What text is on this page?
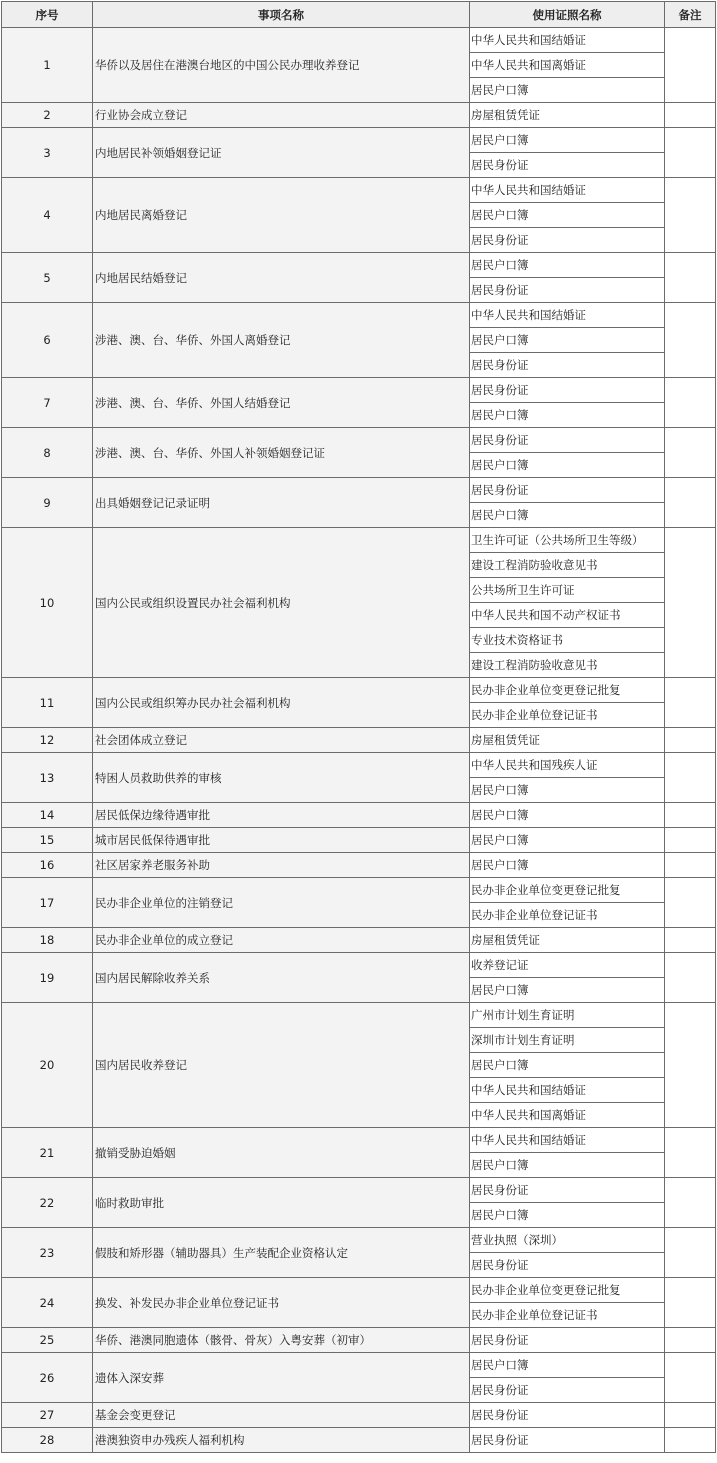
序号	事项名称	使用证照名称	备注
1	华侨以及居住在港澳台地区的中国公民办理收养登记	中华人民共和国结婚证	
		中华人民共和国离婚证	
		居民户口簿	
2	行业协会成立登记	房屋租赁凭证	
3	内地居民补领婚姻登记证	居民户口簿	
		居民身份证	
4	内地居民离婚登记	中华人民共和国结婚证	
		居民户口簿	
		居民身份证	
5	内地居民结婚登记	居民户口簿	
		居民身份证	
6	涉港、澳、台、华侨、外国人离婚登记	中华人民共和国结婚证	
		居民户口簿	
		居民身份证	
7	涉港、澳、台、华侨、外国人结婚登记	居民身份证	
		居民户口簿	
8	涉港、澳、台、华侨、外国人补领婚姻登记证	居民身份证	
		居民户口簿	
9	出具婚姻登记记录证明	居民身份证	
		居民户口簿	
10	国内公民或组织设置民办社会福利机构	卫生许可证（公共场所卫生等级）	
		建设工程消防验收意见书	
		公共场所卫生许可证	
		中华人民共和国不动产权证书	
		专业技术资格证书	
		建设工程消防验收意见书	
11	国内公民或组织筹办民办社会福利机构	民办非企业单位变更登记批复	
		民办非企业单位登记证书	
12	社会团体成立登记	房屋租赁凭证	
13	特困人员救助供养的审核	中华人民共和国残疾人证	
		居民户口簿	
14	居民低保边缘待遇审批	居民户口簿	
15	城市居民低保待遇审批	居民户口簿	
16	社区居家养老服务补助	居民户口簿	
17	民办非企业单位的注销登记	民办非企业单位变更登记批复	
		民办非企业单位登记证书	
18	民办非企业单位的成立登记	房屋租赁凭证	
19	国内居民解除收养关系	收养登记证	
		居民户口簿	
20	国内居民收养登记	广州市计划生育证明	
		深圳市计划生育证明	
		居民户口簿	
		中华人民共和国结婚证	
		中华人民共和国离婚证	
21	撤销受胁迫婚姻	中华人民共和国结婚证	
		居民户口簿	
22	临时救助审批	居民身份证	
		居民户口簿	
23	假肢和矫形器（辅助器具）生产装配企业资格认定	营业执照（深圳）	
		居民身份证	
24	换发、补发民办非企业单位登记证书	民办非企业单位变更登记批复	
		民办非企业单位登记证书	
25	华侨、港澳同胞遗体（骸骨、骨灰）入粤安葬（初审）	居民身份证	
26	遗体入深安葬	居民户口簿	
		居民身份证	
27	基金会变更登记	居民身份证	
28	港澳独资申办残疾人福利机构	居民身份证	
